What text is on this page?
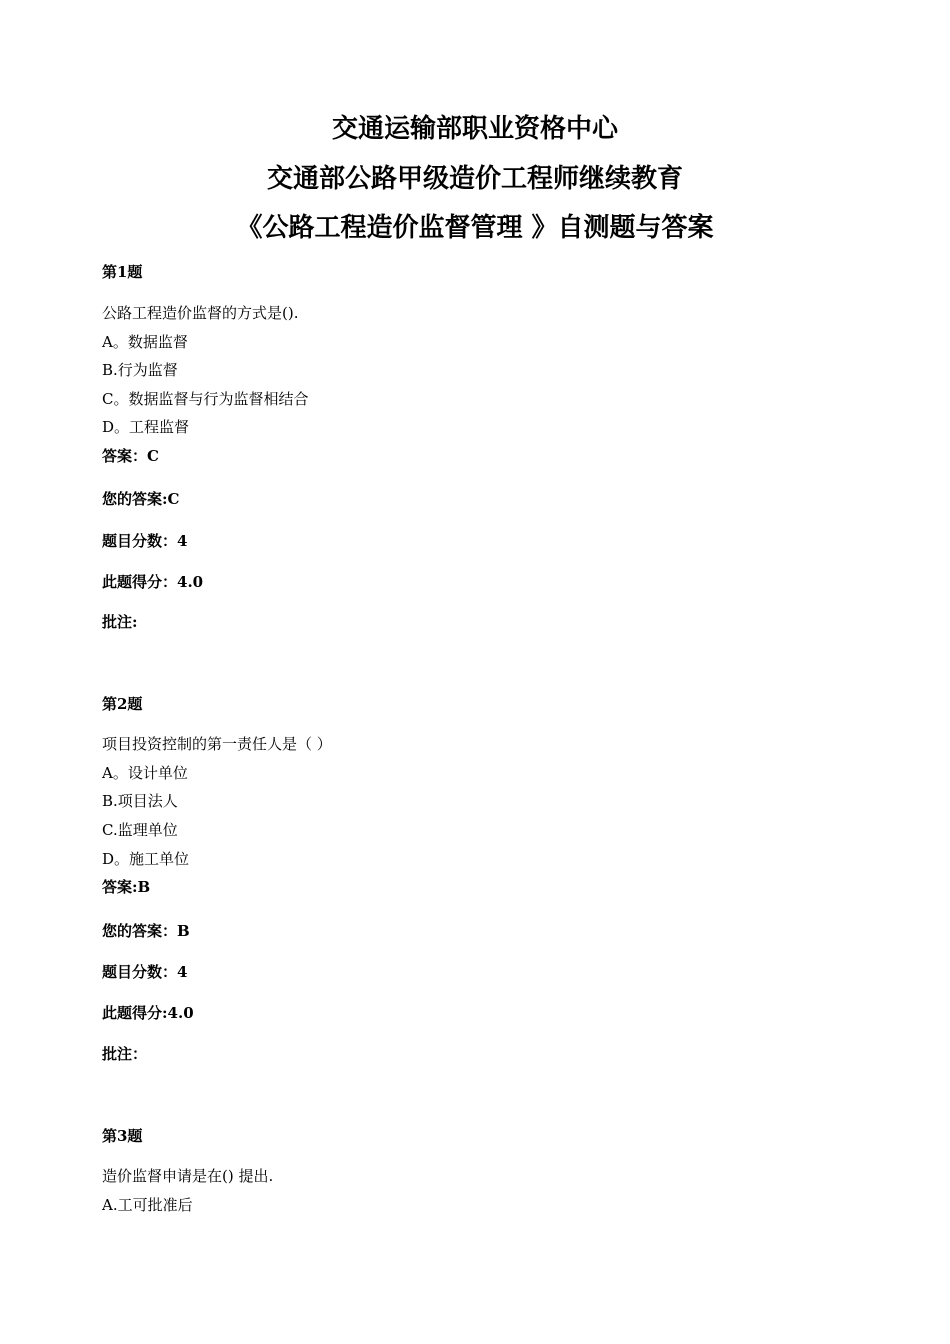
交通运输部职业资格中心
交通部公路甲级造价工程师继续教育
《公路工程造价监督管理 》自测题与答案
第1题
公路工程造价监督的方式是().
A。数据监督
B.行为监督
C。数据监督与行为监督相结合
D。工程监督
答案：C
您的答案:C
题目分数：4
此题得分：4.0
批注:
第2题
项目投资控制的第一责任人是（ ）
A。设计单位
B.项目法人
C.监理单位
D。施工单位
答案:B
您的答案：B
题目分数：4
此题得分:4.0
批注：
第3题
造价监督申请是在() 提出.
A.工可批准后
